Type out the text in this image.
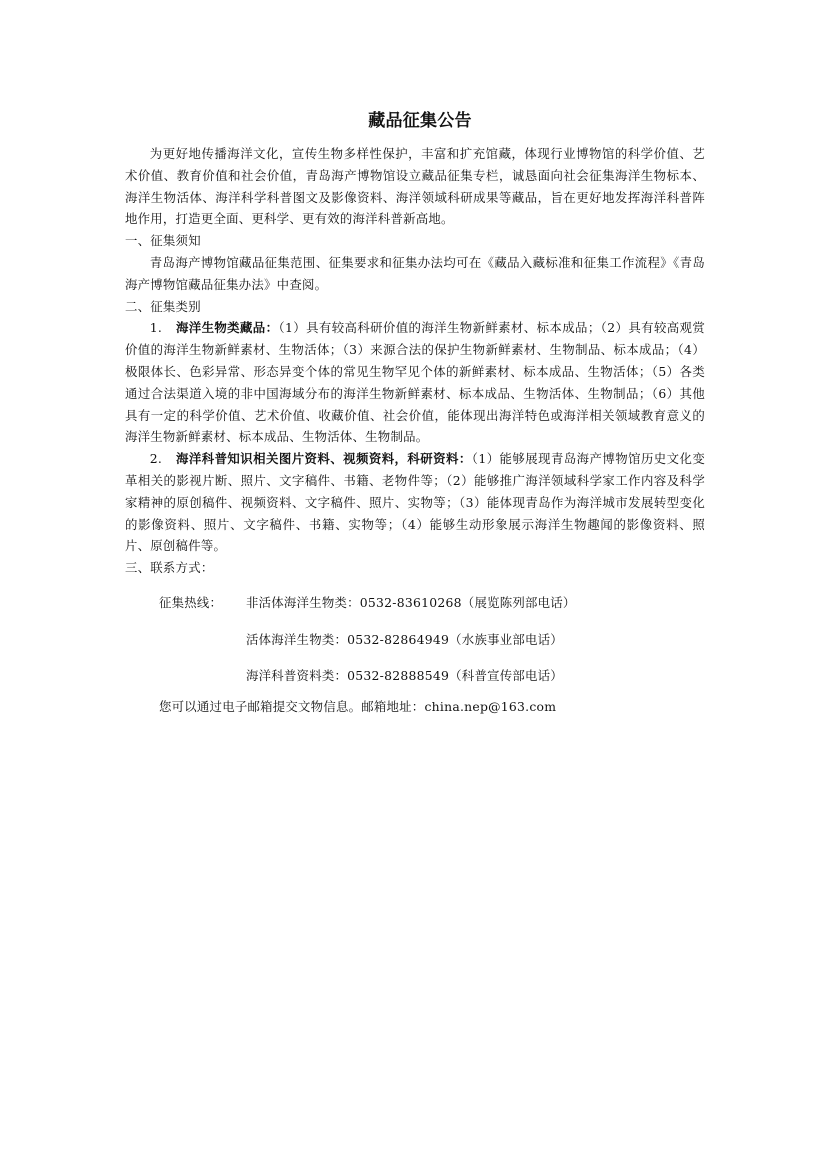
藏品征集公告

为更好地传播海洋文化，宣传生物多样性保护，丰富和扩充馆藏，体现行业博物馆的科学价值、艺术价值、教育价值和社会价值，青岛海产博物馆设立藏品征集专栏，诚恳面向社会征集海洋生物标本、海洋生物活体、海洋科学科普图文及影像资料、海洋领域科研成果等藏品，旨在更好地发挥海洋科普阵地作用，打造更全面、更科学、更有效的海洋科普新高地。

一、征集须知

青岛海产博物馆藏品征集范围、征集要求和征集办法均可在《藏品入藏标准和征集工作流程》《青岛海产博物馆藏品征集办法》中查阅。

二、征集类别

1. 海洋生物类藏品：（1）具有较高科研价值的海洋生物新鲜素材、标本成品；（2）具有较高观赏价值的海洋生物新鲜素材、生物活体；（3）来源合法的保护生物新鲜素材、生物制品、标本成品；（4）极限体长、色彩异常、形态异变个体的常见生物罕见个体的新鲜素材、标本成品、生物活体；（5）各类通过合法渠道入境的非中国海域分布的海洋生物新鲜素材、标本成品、生物活体、生物制品；（6）其他具有一定的科学价值、艺术价值、收藏价值、社会价值，能体现出海洋特色或海洋相关领域教育意义的海洋生物新鲜素材、标本成品、生物活体、生物制品。

2. 海洋科普知识相关图片资料、视频资料，科研资料：（1）能够展现青岛海产博物馆历史文化变革相关的影视片断、照片、文字稿件、书籍、老物件等；（2）能够推广海洋领域科学家工作内容及科学家精神的原创稿件、视频资料、文字稿件、照片、实物等；（3）能体现青岛作为海洋城市发展转型变化的影像资料、照片、文字稿件、书籍、实物等；（4）能够生动形象展示海洋生物趣闻的影像资料、照片、原创稿件等。

三、联系方式：
征集热线：	非活体海洋生物类：0532-83610268（展览陈列部电话）
活体海洋生物类：0532-82864949（水族事业部电话）
海洋科普资料类：0532-82888549（科普宣传部电话）
您可以通过电子邮箱提交文物信息。邮箱地址：china.nep@163.com
